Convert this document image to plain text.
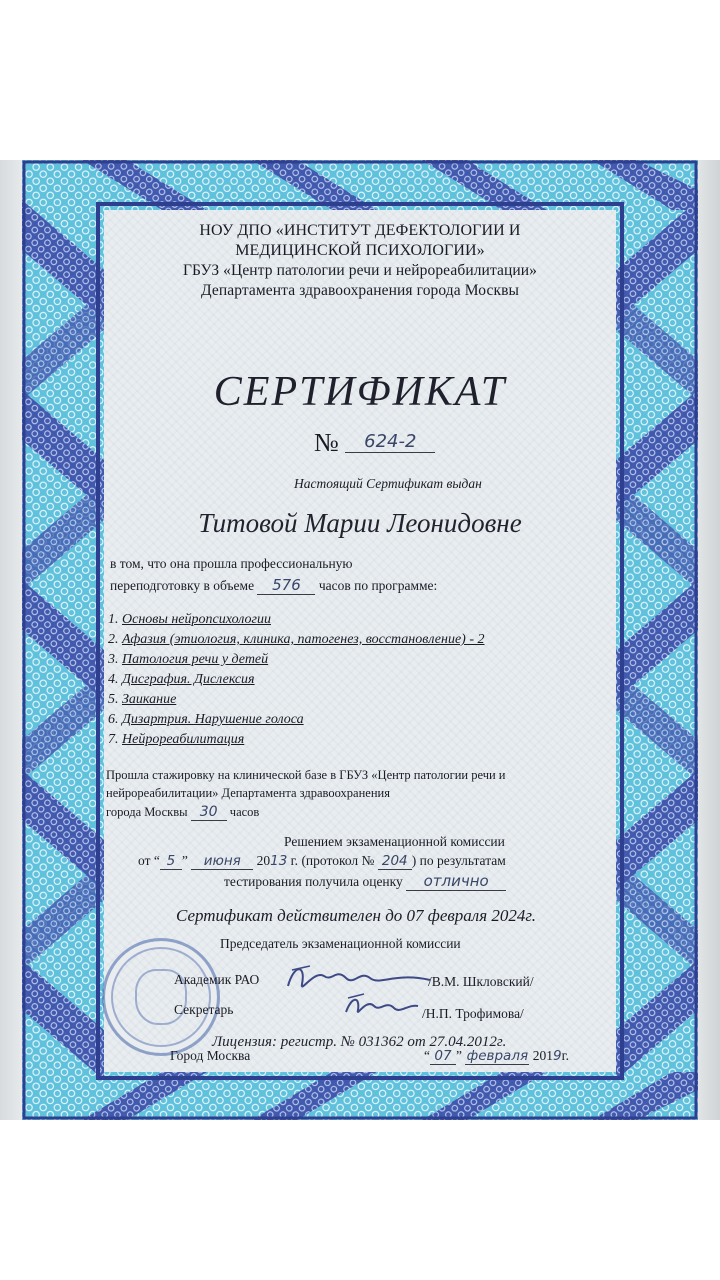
НОУ ДПО «ИНСТИТУТ ДЕФЕКТОЛОГИИ И
МЕДИЦИНСКОЙ ПСИХОЛОГИИ»
ГБУЗ «Центр патологии речи и нейрореабилитации»
Департамента здравоохранения города Москвы
СЕРТИФИКАТ
№ 624-2
Настоящий Сертификат выдан
Титовой Марии Леонидовне
в том, что она прошла профессиональную
переподготовку в объеме 576 часов по программе:
1. Основы нейропсихологии
2. Афазия (этиология, клиника, патогенез, восстановление) - 2
3. Патология речи у детей
4. Дисграфия. Дислексия
5. Заикание
6. Дизартрия. Нарушение голоса
7. Нейрореабилитация
Прошла стажировку на клинической базе в ГБУЗ «Центр патологии речи и
нейрореабилитации» Департамента здравоохранения
города Москвы 30 часов
Решением экзаменационной комиссии
от “ 5 ” июня 2013 г. (протокол № 204 ) по результатам
тестирования получила оценку отлично
Сертификат действителен до 07 февраля 2024г.
Председатель экзаменационной комиссии
Академик РАО	/В.М. Шкловский/
Секретарь	/Н.П. Трофимова/
Город Москва	“ 07 ” февраля 2019г.
Лицензия: регистр. № 031362 от 27.04.2012г.
